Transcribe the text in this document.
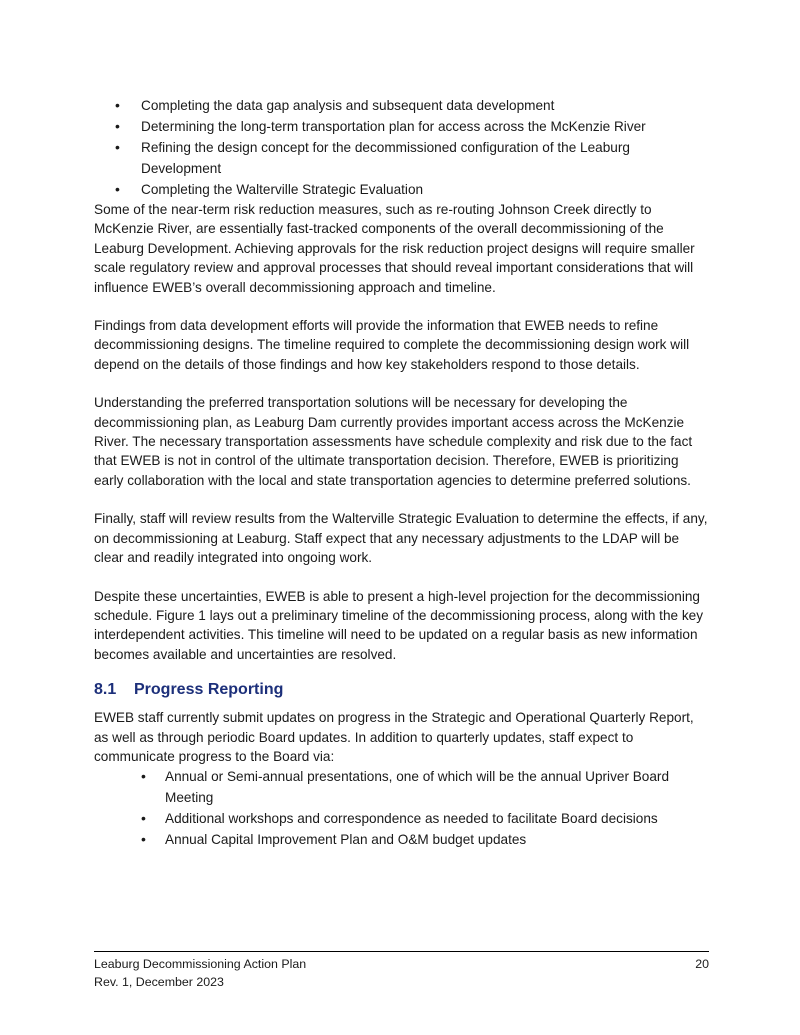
• Completing the data gap analysis and subsequent data development
• Determining the long-term transportation plan for access across the McKenzie River
• Refining the design concept for the decommissioned configuration of the Leaburg Development
• Completing the Walterville Strategic Evaluation

Some of the near-term risk reduction measures, such as re-routing Johnson Creek directly to McKenzie River, are essentially fast-tracked components of the overall decommissioning of the Leaburg Development. Achieving approvals for the risk reduction project designs will require smaller scale regulatory review and approval processes that should reveal important considerations that will influence EWEB’s overall decommissioning approach and timeline.

Findings from data development efforts will provide the information that EWEB needs to refine decommissioning designs. The timeline required to complete the decommissioning design work will depend on the details of those findings and how key stakeholders respond to those details.

Understanding the preferred transportation solutions will be necessary for developing the decommissioning plan, as Leaburg Dam currently provides important access across the McKenzie River. The necessary transportation assessments have schedule complexity and risk due to the fact that EWEB is not in control of the ultimate transportation decision. Therefore, EWEB is prioritizing early collaboration with the local and state transportation agencies to determine preferred solutions.

Finally, staff will review results from the Walterville Strategic Evaluation to determine the effects, if any, on decommissioning at Leaburg. Staff expect that any necessary adjustments to the LDAP will be clear and readily integrated into ongoing work.

Despite these uncertainties, EWEB is able to present a high-level projection for the decommissioning schedule. Figure 1 lays out a preliminary timeline of the decommissioning process, along with the key interdependent activities. This timeline will need to be updated on a regular basis as new information becomes available and uncertainties are resolved.

8.1 Progress Reporting

EWEB staff currently submit updates on progress in the Strategic and Operational Quarterly Report, as well as through periodic Board updates. In addition to quarterly updates, staff expect to communicate progress to the Board via:

• Annual or Semi-annual presentations, one of which will be the annual Upriver Board Meeting
• Additional workshops and correspondence as needed to facilitate Board decisions
• Annual Capital Improvement Plan and O&M budget updates
Leaburg Decommissioning Action Plan	20
Rev. 1, December 2023
